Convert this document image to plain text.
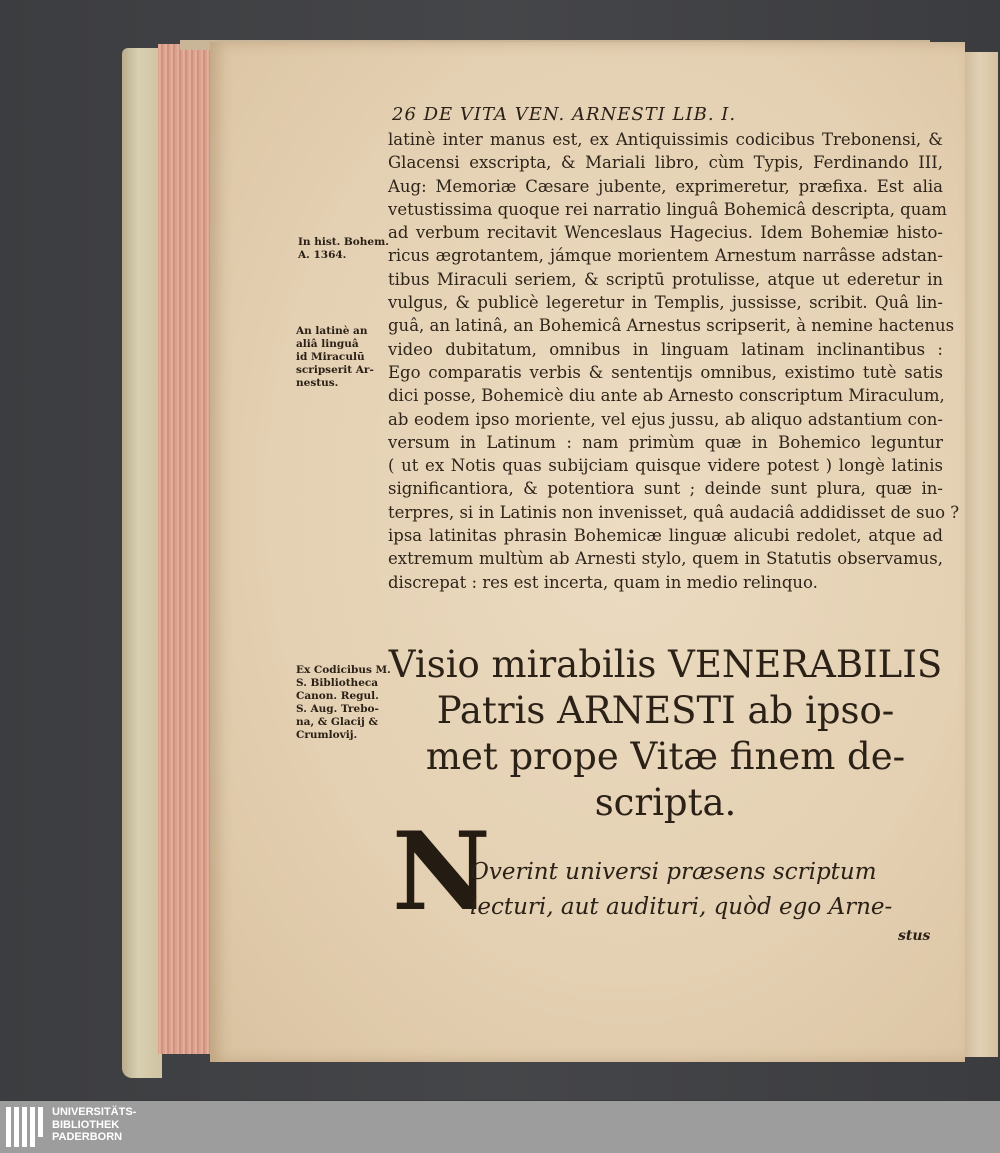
26 DE VITA VEN. ARNESTI LIB. I.
latinè inter manus est, ex Antiquissimis codicibus Trebonensi, &
Glacensi exscripta, & Mariali libro, cùm Typis, Ferdinando III,
Aug: Memoriæ Cæsare jubente, exprimeretur, præfixa. Est alia
vetustissima quoque rei narratio linguâ Bohemicâ descripta, quam
ad verbum recitavit Wenceslaus Hagecius. Idem Bohemiæ histo-
ricus ægrotantem, jámque morientem Arnestum narrâsse adstan-
tibus Miraculi seriem, & scriptū protulisse, atque ut ederetur in
vulgus, & publicè legeretur in Templis, jussisse, scribit. Quâ lin-
guâ, an latinâ, an Bohemicâ Arnestus scripserit, à nemine hactenus
video dubitatum, omnibus in linguam latinam inclinantibus :
Ego comparatis verbis & sententijs omnibus, existimo tutè satis
dici posse, Bohemicè diu ante ab Arnesto conscriptum Miraculum,
ab eodem ipso moriente, vel ejus jussu, ab aliquo adstantium con-
versum in Latinum : nam primùm quæ in Bohemico leguntur
( ut ex Notis quas subijciam quisque videre potest ) longè latinis
significantiora, & potentiora sunt ; deinde sunt plura, quæ in-
terpres, si in Latinis non invenisset, quâ audaciâ addidisset de suo ?
ipsa latinitas phrasin Bohemicæ linguæ alicubi redolet, atque ad
extremum multùm ab Arnesti stylo, quem in Statutis observamus,
discrepat : res est incerta, quam in medio relinquo.
In hist. Bohem.
A. 1364.
An latinè an
aliâ linguâ
id Miraculū
scripserit Ar-
nestus.
Ex Codicibus M.
S. Bibliotheca
Canon. Regul.
S. Aug. Trebo-
na, & Glacij &
Crumlovij.
Visio mirabilis VENERABILIS
Patris ARNESTI ab ipso-
met prope Vitæ finem de-
scripta.
N
Overint universi præsens scriptum
lecturi, aut audituri, quòd ego Arne-
stus
UNIVERSITÄTS-
BIBLIOTHEK
PADERBORN
